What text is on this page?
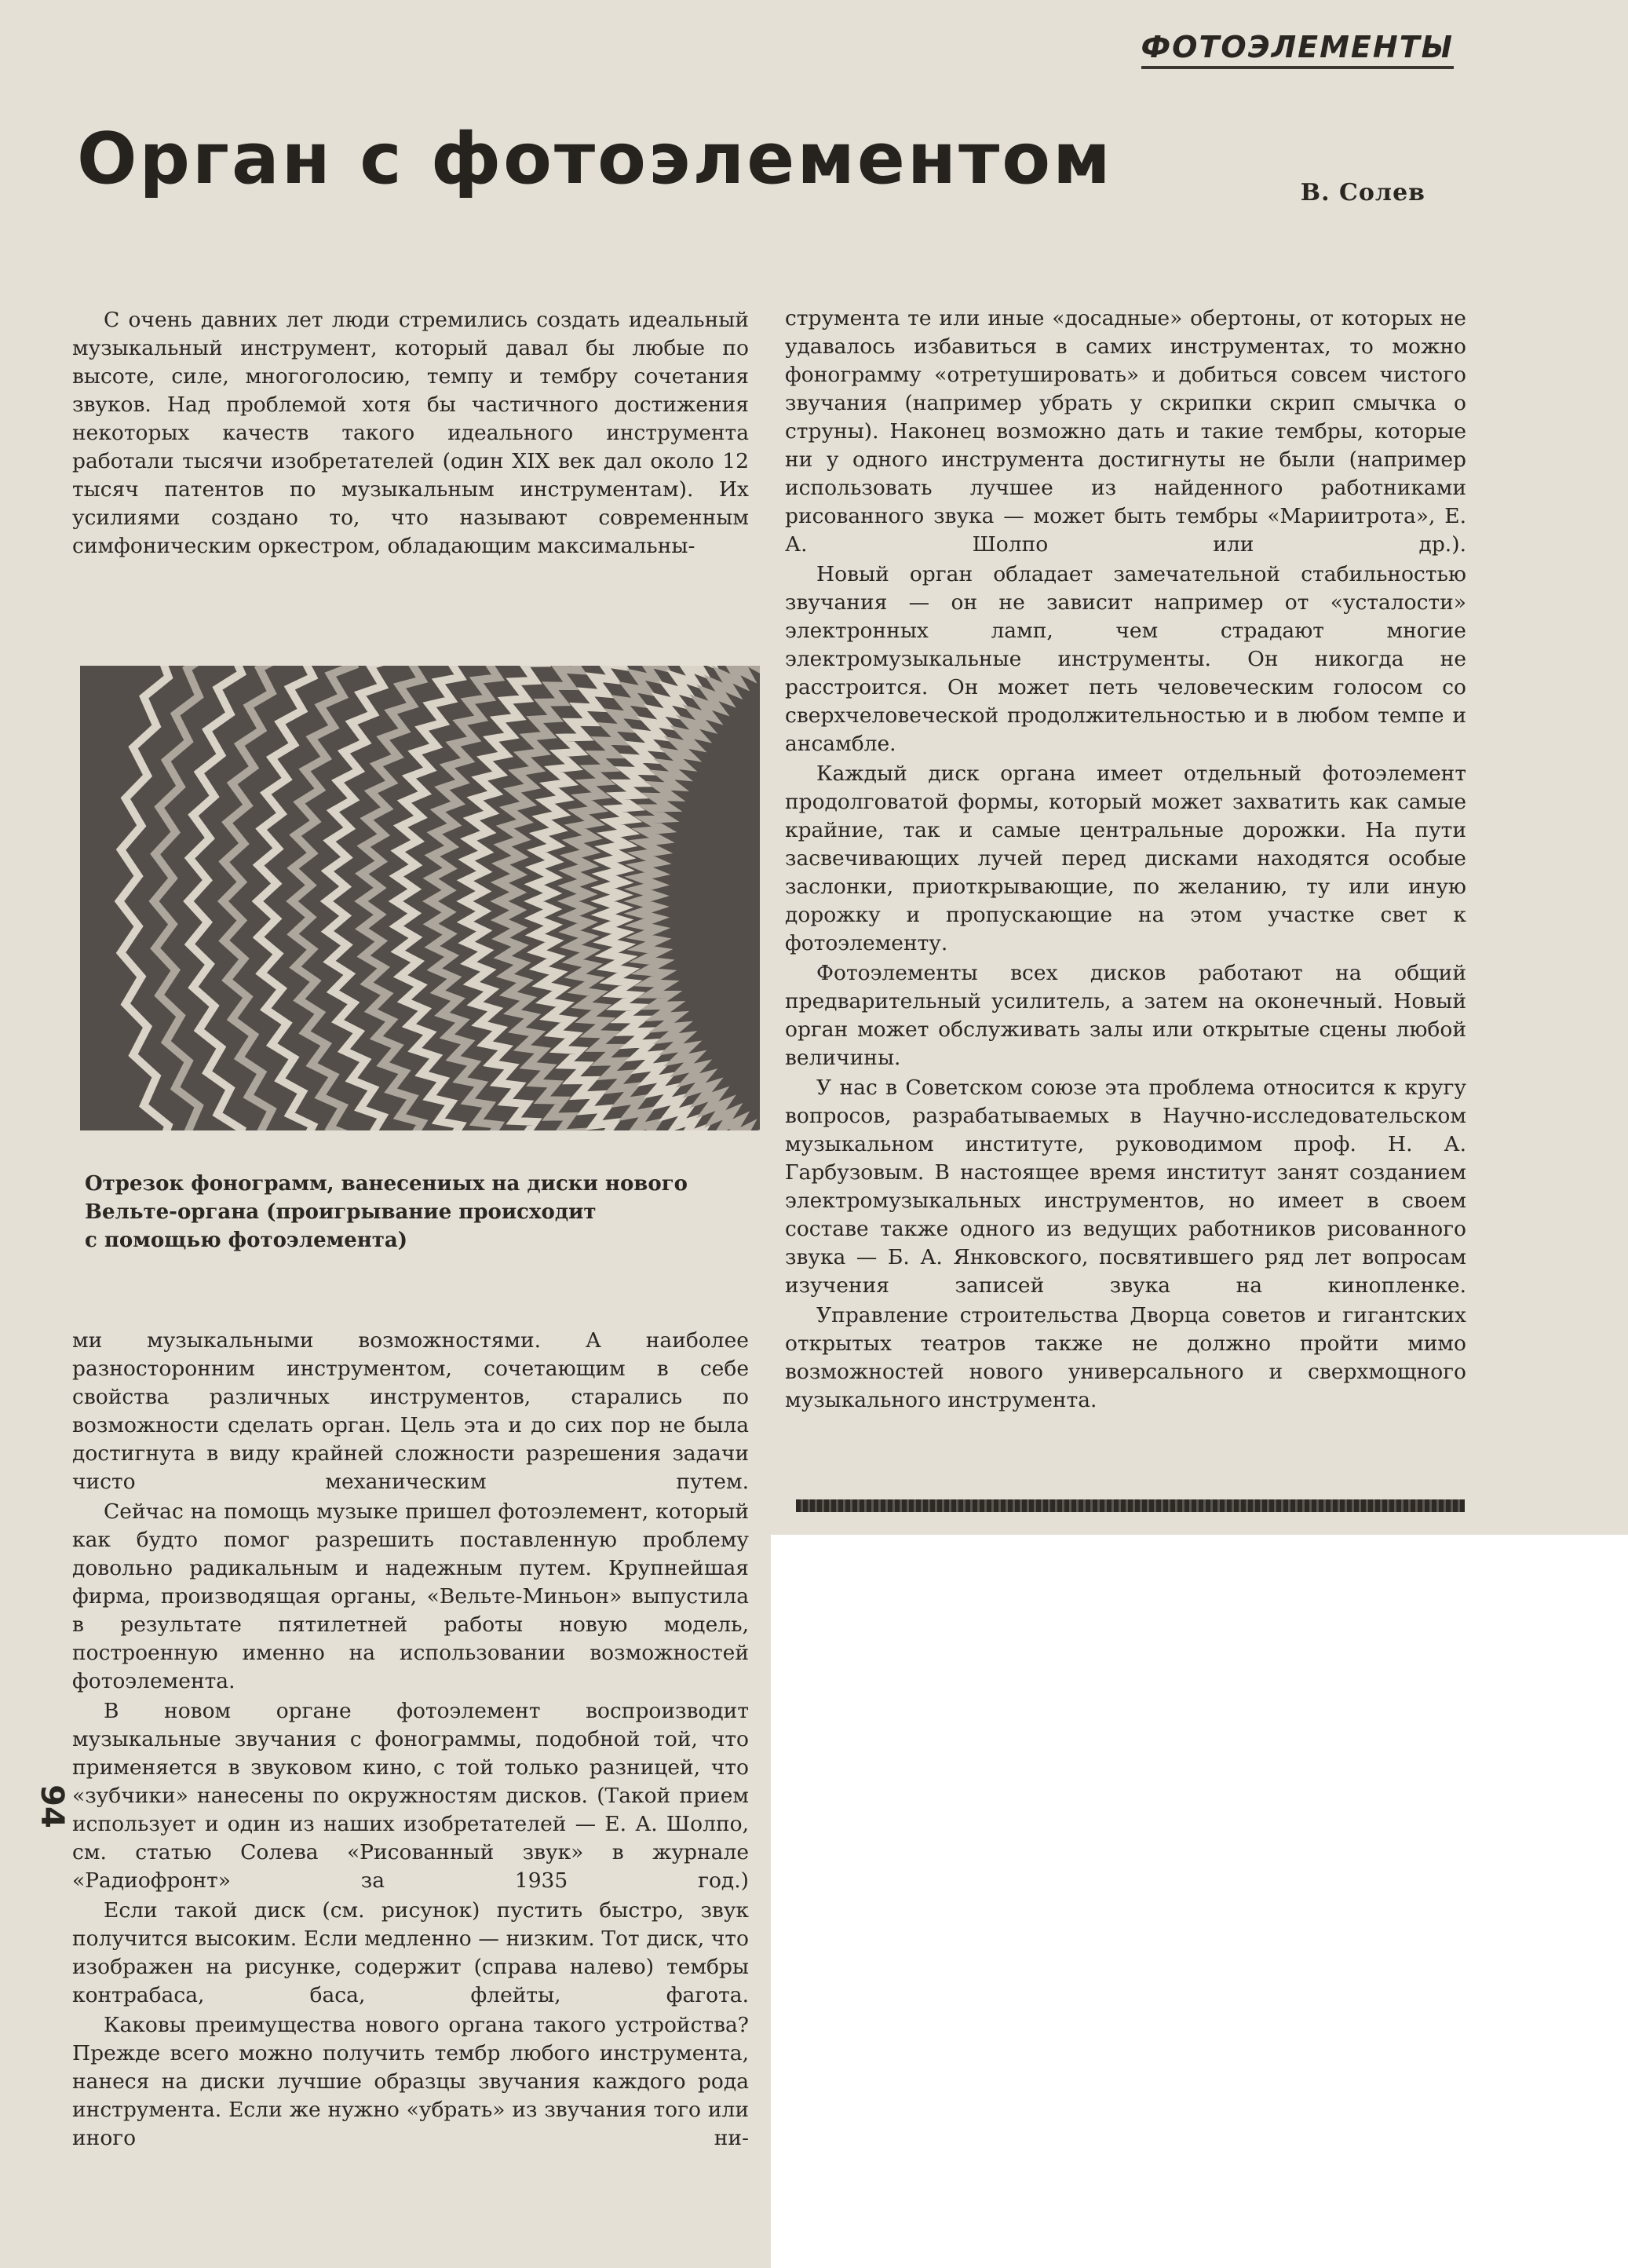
ФОТОЭЛЕМЕНТЫ
Орган с фотоэлементом	В. Солев

С очень давних лет люди стремились создать идеальный музыкальный инструмент, который давал бы любые по высоте, силе, многоголосию, темпу и тембру сочетания звуков. Над проблемой хотя бы частичного достижения некоторых качеств такого идеального инструмента работали тысячи изобретателей (один XIX век дал около 12 тысяч патентов по музыкальным инструментам). Их усилиями создано то, что называют современным симфоническим оркестром, обладающим максимальны-

Отрезок фонограмм, ванесениых на диски нового
Вельте-органа (проигрывание происходит
с помощью фотоэлемента)

ми музыкальными возможностями. А наиболее разносторонним инструментом, сочетающим в себе свойства различных инструментов, старались по возможности сделать орган. Цель эта и до сих пор не была достигнута в виду крайней сложности разрешения задачи чисто механическим путем.

Сейчас на помощь музыке пришел фотоэлемент, который как будто помог разрешить поставленную проблему довольно радикальным и надежным путем. Крупнейшая фирма, производящая органы, «Вельте-Миньон» выпустила в результате пятилетней работы новую модель, построенную именно на использовании возможностей фотоэлемента.

В новом органе фотоэлемент воспроизводит музыкальные звучания с фонограммы, подобной той, что применяется в звуковом кино, с той только разницей, что «зубчики» нанесены по окружностям дисков. (Такой прием использует и один из наших изобретателей — Е. А. Шолпо, см. статью Солева «Рисованный звук» в журнале «Радиофронт» за 1935 год.)

Если такой диск (см. рисунок) пустить быстро, звук получится высоким. Если медленно — низким. Тот диск, что изображен на рисунке, содержит (справа налево) тембры контрабаса, баса, флейты, фагота.

Каковы преимущества нового органа такого устройства? Прежде всего можно получить тембр любого инструмента, нанеся на диски лучшие образцы звучания каждого рода инструмента. Если же нужно «убрать» из звучания того или иного ни-

струмента те или иные «досадные» обертоны, от которых не удавалось избавиться в самих инструментах, то можно фонограмму «отретушировать» и добиться совсем чистого звучания (например убрать у скрипки скрип смычка о струны). Наконец возможно дать и такие тембры, которые ни у одного инструмента достигнуты не были (например использовать лучшее из найденного работниками рисованного звука — может быть тембры «Мариитрота», Е. А. Шолпо или др.).

Новый орган обладает замечательной стабильностью звучания — он не зависит например от «усталости» электронных ламп, чем страдают многие электромузыкальные инструменты. Он никогда не расстроится. Он может петь человеческим голосом со сверхчеловеческой продолжительностью и в любом темпе и ансамбле.

Каждый диск органа имеет отдельный фотоэлемент продолговатой формы, который может захватить как самые крайние, так и самые центральные дорожки. На пути засвечивающих лучей перед дисками находятся особые заслонки, приоткрывающие, по желанию, ту или иную дорожку и пропускающие на этом участке свет к фотоэлементу.

Фотоэлементы всех дисков работают на общий предварительный усилитель, а затем на оконечный. Новый орган может обслуживать залы или открытые сцены любой величины.

У нас в Советском союзе эта проблема относится к кругу вопросов, разрабатываемых в Научно-исследовательском музыкальном институте, руководимом проф. Н. А. Гарбузовым. В настоящее время институт занят созданием электромузыкальных инструментов, но имеет в своем составе также одного из ведущих работников рисованного звука — Б. А. Янковского, посвятившего ряд лет вопросам изучения записей звука на кинопленке.

Управление строительства Дворца советов и гигантских открытых театров также не должно пройти мимо возможностей нового универсального и сверхмощного музыкального инструмента.

94
